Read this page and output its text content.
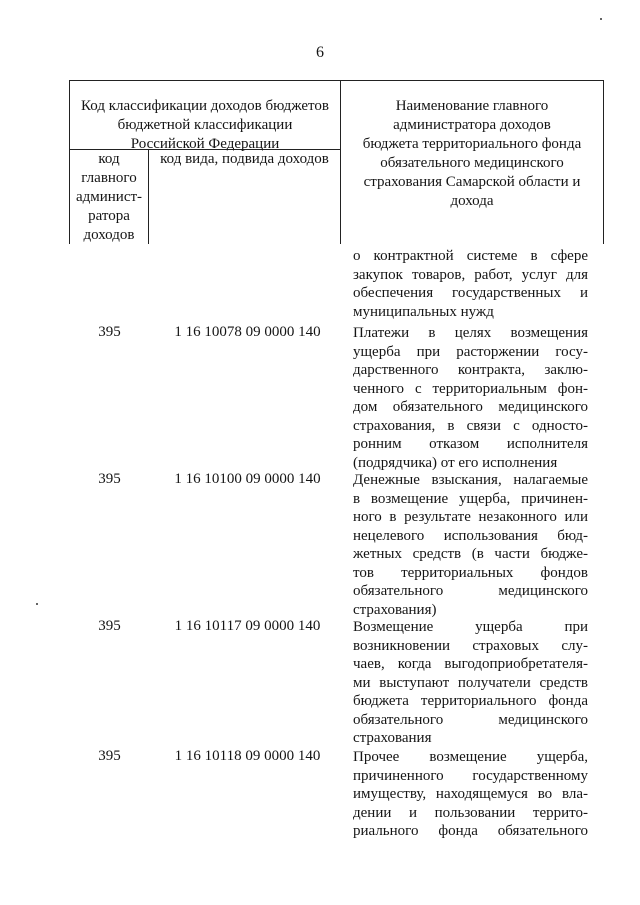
6
Код классификации доходов бюджетов
бюджетной классификации
Российской Федерации
код
главного
админист-
ратора
доходов
код вида, подвида доходов
Наименование главного
администратора доходов
бюджета территориального фонда
обязательного медицинского
страхования Самарской области и
дохода
о контрактной системе в сфере
закупок товаров, работ, услуг для
обеспечения государственных и
муниципальных нужд
395	1 16 10078 09 0000 140	Платежи в целях возмещения
ущерба при расторжении госу-
дарственного контракта, заклю-
ченного с территориальным фон-
дом обязательного медицинского
страхования, в связи с односто-
ронним отказом исполнителя
(подрядчика) от его исполнения
395	1 16 10100 09 0000 140	Денежные взыскания, налагаемые
в возмещение ущерба, причинен-
ного в результате незаконного или
нецелевого использования бюд-
жетных средств (в части бюдже-
тов территориальных фондов
обязательного медицинского
страхования)
395	1 16 10117 09 0000 140	Возмещение ущерба при
возникновении страховых слу-
чаев, когда выгодоприобретателя-
ми выступают получатели средств
бюджета территориального фонда
обязательного медицинского
страхования
395	1 16 10118 09 0000 140	Прочее возмещение ущерба,
причиненного государственному
имуществу, находящемуся во вла-
дении и пользовании террито-
риального фонда обязательного
